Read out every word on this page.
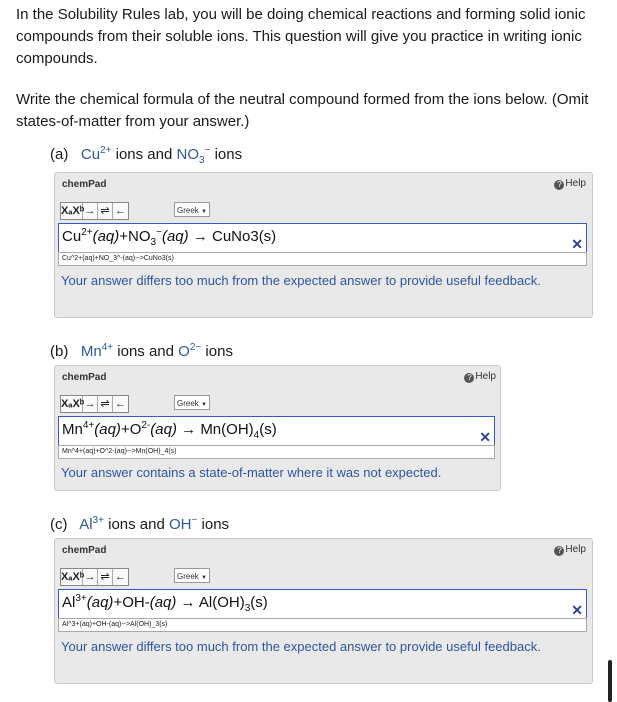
In the Solubility Rules lab, you will be doing chemical reactions and forming solid ionic compounds from their soluble ions. This question will give you practice in writing ionic compounds.

Write the chemical formula of the neutral compound formed from the ions below. (Omit states-of-matter from your answer.)

(a) $Cu^{2+}$ ions and $NO_3^-$ ions
chemPad	? Help
XₐXᵇ → ⇌ ←	Greek ▼
$Cu^{2+}(aq)+NO_3^-(aq)$ → CuNo3(s)	✕
Cu^2+(aq)+NO_3^-(aq)-->CuNo3(s)
Your answer differs too much from the expected answer to provide useful feedback.
(b) $Mn^{4+}$ ions and $O^{2-}$ ions
chemPad	? Help
XₐXᵇ → ⇌ ←	Greek ▼
$Mn^{4+}(aq)+O^{2-}(aq) \to Mn(OH)_4(s)$	✕
Mn^4+(aq)+O^2-(aq)-->Mn(OH)_4(s)
Your answer contains a state-of-matter where it was not expected.
(c) $Al^{3+}$ ions and OH− ions
chemPad	? Help
XₐXᵇ → ⇌ ←	Greek ▼
$Al^{3+}(aq)+OH-(aq) \to Al(OH)_3(s)$	✕
Al^3+(aq)+OH-(aq)-->Al(OH)_3(s)
Your answer differs too much from the expected answer to provide useful feedback.
